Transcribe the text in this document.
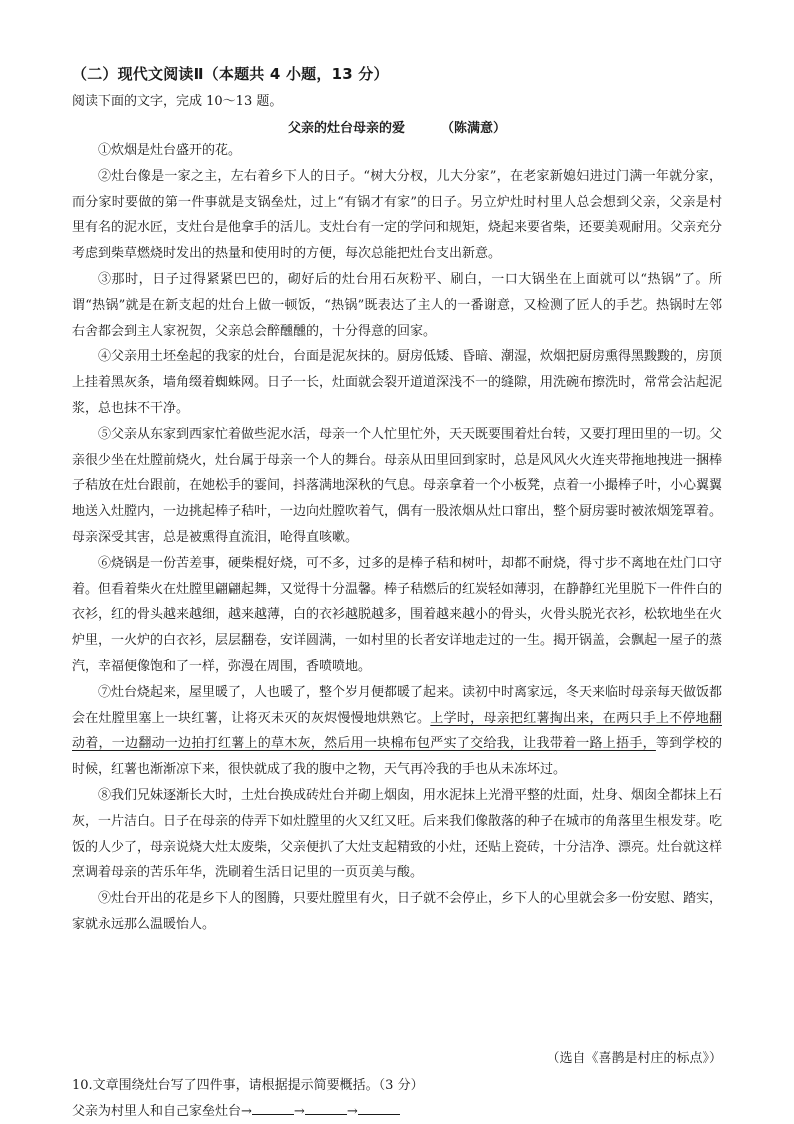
（二）现代文阅读Ⅱ（本题共 4 小题，13 分）
阅读下面的文字，完成 10～13 题。
父亲的灶台母亲的爱	（陈满意）

①炊烟是灶台盛开的花。

②灶台像是一家之主，左右着乡下人的日子。“树大分杈，儿大分家”，在老家新媳妇进过门满一年就分家，而分家时要做的第一件事就是支锅垒灶，过上“有锅才有家”的日子。另立炉灶时村里人总会想到父亲，父亲是村里有名的泥水匠，支灶台是他拿手的活儿。支灶台有一定的学问和规矩，烧起来要省柴，还要美观耐用。父亲充分考虑到柴草燃烧时发出的热量和使用时的方便，每次总能把灶台支出新意。

③那时，日子过得紧紧巴巴的，砌好后的灶台用石灰粉平、刷白，一口大锅坐在上面就可以“热锅”了。所谓“热锅”就是在新支起的灶台上做一顿饭，“热锅”既表达了主人的一番谢意，又检测了匠人的手艺。热锅时左邻右舍都会到主人家祝贺，父亲总会醉醺醺的，十分得意的回家。

④父亲用土坯垒起的我家的灶台，台面是泥灰抹的。厨房低矮、昏暗、潮湿，炊烟把厨房熏得黑黢黢的，房顶上挂着黑灰条，墙角缀着蜘蛛网。日子一长，灶面就会裂开道道深浅不一的缝隙，用洗碗布擦洗时，常常会沾起泥浆，总也抹不干净。

⑤父亲从东家到西家忙着做些泥水活，母亲一个人忙里忙外，天天既要围着灶台转，又要打理田里的一切。父亲很少坐在灶膛前烧火，灶台属于母亲一个人的舞台。母亲从田里回到家时，总是风风火火连夹带拖地拽进一捆棒子秸放在灶台跟前，在她松手的霎间，抖落满地深秋的气息。母亲拿着一个小板凳，点着一小撮棒子叶，小心翼翼地送入灶膛内，一边挑起棒子秸叶，一边向灶膛吹着气，偶有一股浓烟从灶口窜出，整个厨房霎时被浓烟笼罩着。母亲深受其害，总是被熏得直流泪，呛得直咳嗽。

⑥烧锅是一份苦差事，硬柴棍好烧，可不多，过多的是棒子秸和树叶，却都不耐烧，得寸步不离地在灶门口守着。但看着柴火在灶膛里翩翩起舞，又觉得十分温馨。棒子秸燃后的红炭轻如薄羽，在静静红光里脱下一件件白的衣衫，红的骨头越来越细，越来越薄，白的衣衫越脱越多，围着越来越小的骨头，火骨头脱光衣衫，松软地坐在火炉里，一火炉的白衣衫，层层翻卷，安详圆满，一如村里的长者安详地走过的一生。揭开锅盖，会飘起一屋子的蒸汽，幸福便像饱和了一样，弥漫在周围，香喷喷地。

⑦灶台烧起来，屋里暖了，人也暖了，整个岁月便都暖了起来。读初中时离家远，冬天来临时母亲每天做饭都会在灶膛里塞上一块红薯，让将灭未灭的灰烬慢慢地烘熟它。上学时，母亲把红薯掏出来，在两只手上不停地翻动着，一边翻动一边拍打红薯上的草木灰，然后用一块棉布包严实了交给我，让我带着一路上捂手，等到学校的时候，红薯也渐渐凉下来，很快就成了我的腹中之物，天气再冷我的手也从未冻坏过。

⑧我们兄妹逐渐长大时，土灶台换成砖灶台并砌上烟囱，用水泥抹上光滑平整的灶面，灶身、烟囱全都抹上石灰，一片洁白。日子在母亲的侍弄下如灶膛里的火又红又旺。后来我们像散落的种子在城市的角落里生根发芽。吃饭的人少了，母亲说烧大灶太废柴，父亲便扒了大灶支起精致的小灶，还贴上瓷砖，十分洁净、漂亮。灶台就这样烹调着母亲的苦乐年华，洗刷着生活日记里的一页页美与酸。

⑨灶台开出的花是乡下人的图腾，只要灶膛里有火，日子就不会停止，乡下人的心里就会多一份安慰、踏实，家就永远那么温暖怡人。

（选自《喜鹊是村庄的标点》）
10.文章围绕灶台写了四件事，请根据提示简要概括。（3 分）
父亲为村里人和自己家垒灶台→	→	→
